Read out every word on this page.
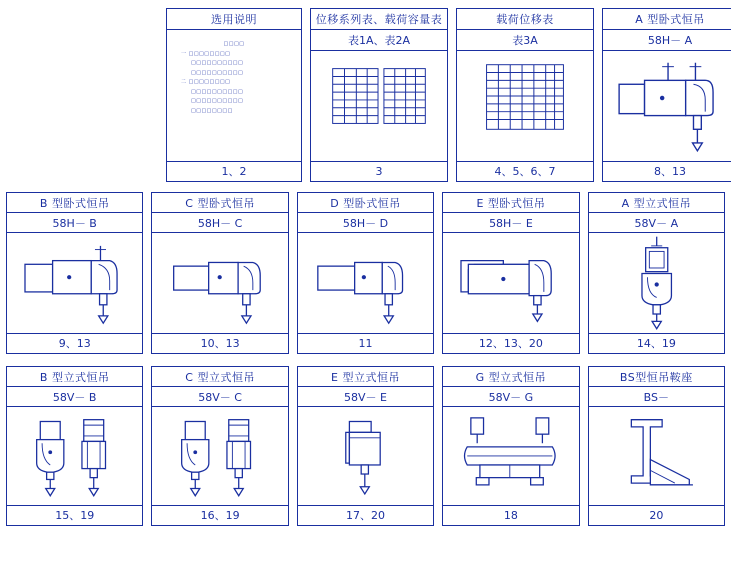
选用说明
□□□□
一 □□□□□□□□
□□□□□□□□□□
□□□□□□□□□□
二 □□□□□□□□
□□□□□□□□□□
□□□□□□□□□□
□□□□□□□□
1、2
位移系列表、载荷容量表
表1A、表2A
3
载荷位移表
表3A
4、5、6、7
A 型卧式恒吊
58H－ A
8、13
B 型卧式恒吊
58H－ B
9、13
C 型卧式恒吊
58H－ C
10、13
D 型卧式恒吊
58H－ D
11
E 型卧式恒吊
58H－ E
12、13、20
A 型立式恒吊
58V－ A
14、19
B 型立式恒吊
58V－ B
15、19
C 型立式恒吊
58V－ C
16、19
E 型立式恒吊
58V－ E
17、20
G 型立式恒吊
58V－ G
18
BS型恒吊鞍座
BS－
20
